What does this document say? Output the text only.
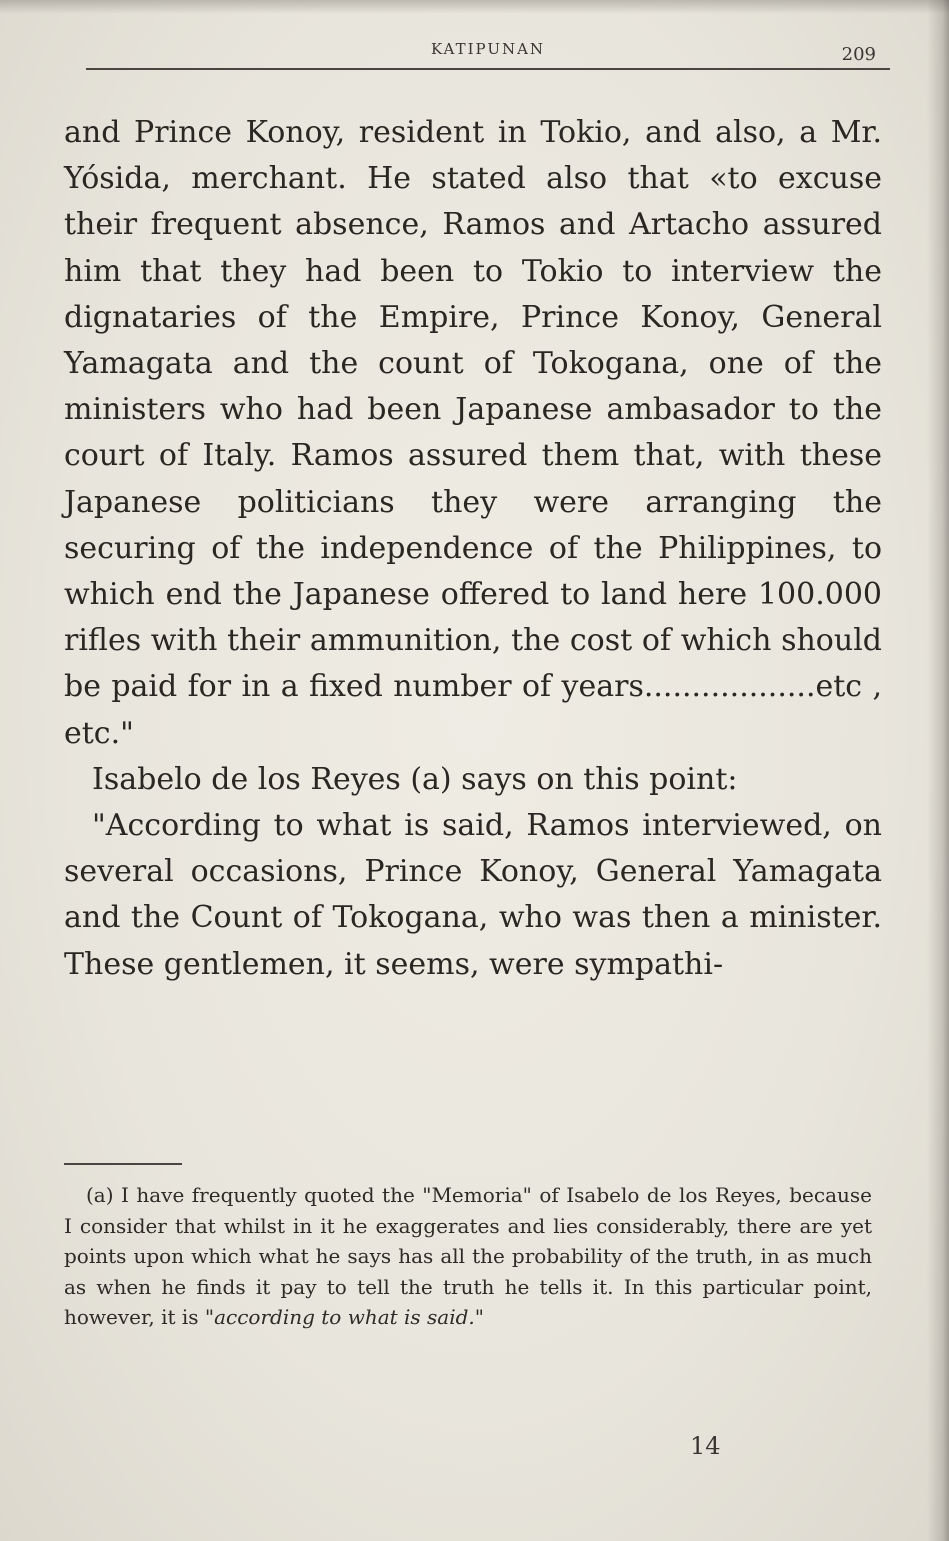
KATIPUNAN	209

and Prince Konoy, resident in Tokio, and also, a Mr. Yósida, merchant. He stated also that «to excuse their frequent absence, Ramos and Artacho assured him that they had been to Tokio to interview the dignataries of the Empire, Prince Konoy, General Yamagata and the count of Tokogana, one of the ministers who had been Japanese ambasador to the court of Italy. Ramos assured them that, with these Japanese politicians they were arranging the securing of the independence of the Philippines, to which end the Japanese offered to land here 100.000 rifles with their ammunition, the cost of which should be paid for in a fixed number of years..................etc , etc."

Isabelo de los Reyes (a) says on this point:

"According to what is said, Ramos interviewed, on several occasions, Prince Konoy, General Yamagata and the Count of Tokogana, who was then a minister. These gentlemen, it seems, were sympathi-

(a) I have frequently quoted the "Memoria" of Isabelo de los Reyes, because I consider that whilst in it he exaggerates and lies considerably, there are yet points upon which what he says has all the probability of the truth, in as much as when he finds it pay to tell the truth he tells it. In this particular point, however, it is "according to what is said."
14
